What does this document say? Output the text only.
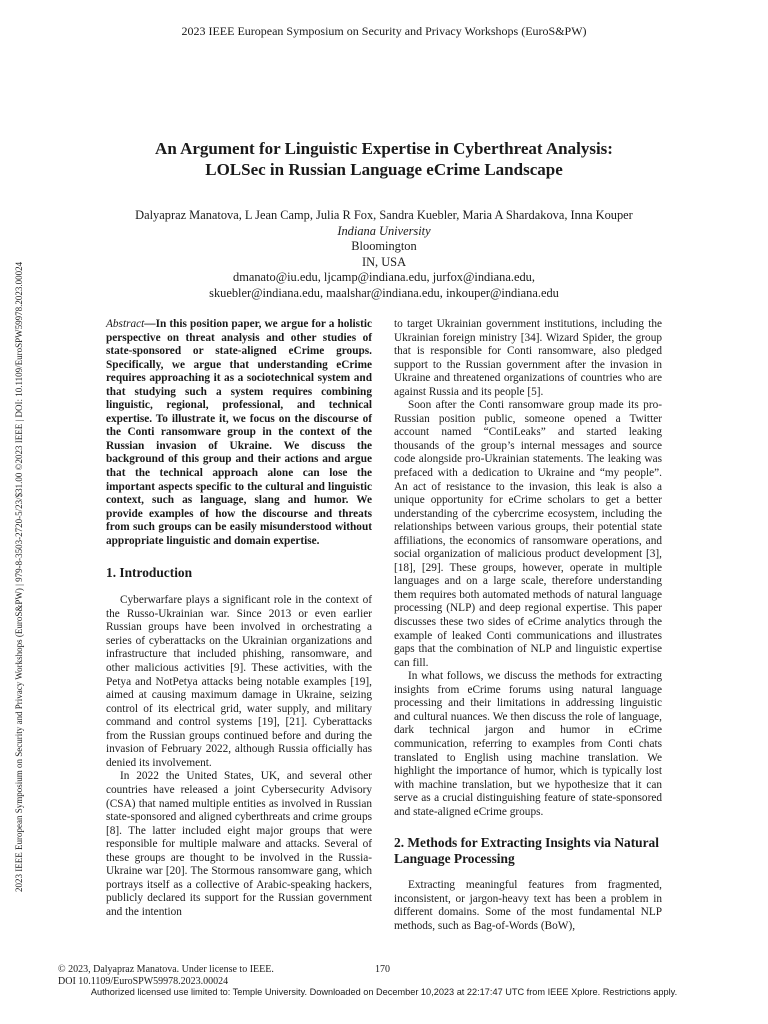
2023 IEEE European Symposium on Security and Privacy Workshops (EuroS&PW)
2023 IEEE European Symposium on Security and Privacy Workshops (EuroS&PW) | 979-8-3503-2720-5/23/$31.00 ©2023 IEEE | DOI: 10.1109/EuroSPW59978.2023.00024
An Argument for Linguistic Expertise in Cyberthreat Analysis:
LOLSec in Russian Language eCrime Landscape
Dalyapraz Manatova, L Jean Camp, Julia R Fox, Sandra Kuebler, Maria A Shardakova, Inna Kouper
Indiana University
Bloomington
IN, USA
dmanato@iu.edu, ljcamp@indiana.edu, jurfox@indiana.edu,
skuebler@indiana.edu, maalshar@indiana.edu, inkouper@indiana.edu

Abstract—In this position paper, we argue for a holistic perspective on threat analysis and other studies of state-sponsored or state-aligned eCrime groups. Specifically, we argue that understanding eCrime requires approaching it as a sociotechnical system and that studying such a system requires combining linguistic, regional, professional, and technical expertise. To illustrate it, we focus on the discourse of the Conti ransomware group in the context of the Russian invasion of Ukraine. We discuss the background of this group and their actions and argue that the technical approach alone can lose the important aspects specific to the cultural and linguistic context, such as language, slang and humor. We provide examples of how the discourse and threats from such groups can be easily misunderstood without appropriate linguistic and domain expertise.

1. Introduction

Cyberwarfare plays a significant role in the context of the Russo-Ukrainian war. Since 2013 or even earlier Russian groups have been involved in orchestrating a series of cyberattacks on the Ukrainian organizations and infrastructure that included phishing, ransomware, and other malicious activities [9]. These activities, with the Petya and NotPetya attacks being notable examples [19], aimed at causing maximum damage in Ukraine, seizing control of its electrical grid, water supply, and military command and control systems [19], [21]. Cyberattacks from the Russian groups continued before and during the invasion of February 2022, although Russia officially has denied its involvement.

In 2022 the United States, UK, and several other countries have released a joint Cybersecurity Advisory (CSA) that named multiple entities as involved in Russian state-sponsored and aligned cyberthreats and crime groups [8]. The latter included eight major groups that were responsible for multiple malware and attacks. Several of these groups are thought to be involved in the Russia-Ukraine war [20]. The Stormous ransomware gang, which portrays itself as a collective of Arabic-speaking hackers, publicly declared its support for the Russian government and the intention

to target Ukrainian government institutions, including the Ukrainian foreign ministry [34]. Wizard Spider, the group that is responsible for Conti ransomware, also pledged support to the Russian government after the invasion in Ukraine and threatened organizations of countries who are against Russia and its people [5].

Soon after the Conti ransomware group made its pro-Russian position public, someone opened a Twitter account named “ContiLeaks” and started leaking thousands of the group’s internal messages and source code alongside pro-Ukrainian statements. The leaking was prefaced with a dedication to Ukraine and “my people”. An act of resistance to the invasion, this leak is also a unique opportunity for eCrime scholars to get a better understanding of the cybercrime ecosystem, including the relationships between various groups, their potential state affiliations, the economics of ransomware operations, and social organization of malicious product development [3], [18], [29]. These groups, however, operate in multiple languages and on a large scale, therefore understanding them requires both automated methods of natural language processing (NLP) and deep regional expertise. This paper discusses these two sides of eCrime analytics through the example of leaked Conti communications and illustrates gaps that the combination of NLP and linguistic expertise can fill.

In what follows, we discuss the methods for extracting insights from eCrime forums using natural language processing and their limitations in addressing linguistic and cultural nuances. We then discuss the role of language, dark technical jargon and humor in eCrime communication, referring to examples from Conti chats translated to English using machine translation. We highlight the importance of humor, which is typically lost with machine translation, but we hypothesize that it can serve as a crucial distinguishing feature of state-sponsored and state-aligned eCrime groups.

2. Methods for Extracting Insights via Natural Language Processing

Extracting meaningful features from fragmented, inconsistent, or jargon-heavy text has been a problem in different domains. Some of the most fundamental NLP methods, such as Bag-of-Words (BoW),

© 2023, Dalyapraz Manatova. Under license to IEEE.
DOI 10.1109/EuroSPW59978.2023.00024
170
Authorized licensed use limited to: Temple University. Downloaded on December 10,2023 at 22:17:47 UTC from IEEE Xplore. Restrictions apply.
